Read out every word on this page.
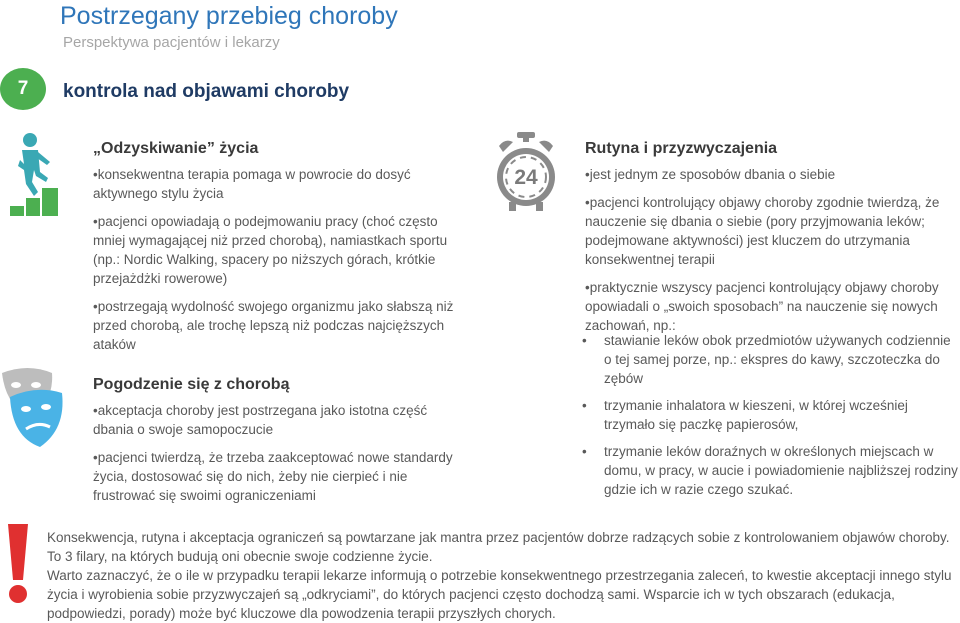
Postrzegany przebieg choroby
Perspektywa pacjentów i lekarzy
7	kontrola nad objawami choroby
„Odzyskiwanie” życia

•konsekwentna terapia pomaga w powrocie do dosyć aktywnego stylu życia

•pacjenci opowiadają o podejmowaniu pracy (choć często mniej wymagającej niż przed chorobą), namiastkach sportu (np.: Nordic Walking, spacery po niższych górach, krótkie przejażdżki rowerowe)

•postrzegają wydolność swojego organizmu jako słabszą niż przed chorobą, ale trochę lepszą niż podczas najcięższych ataków

Pogodzenie się z chorobą

•akceptacja choroby jest postrzegana jako istotna część dbania o swoje samopoczucie

•pacjenci twierdzą, że trzeba zaakceptować nowe standardy życia, dostosować się do nich, żeby nie cierpieć i nie frustrować się swoimi ograniczeniami

24
Rutyna i przyzwyczajenia

•jest jednym ze sposobów dbania o siebie

•pacjenci kontrolujący objawy choroby zgodnie twierdzą, że nauczenie się dbania o siebie (pory przyjmowania leków; podejmowane aktywności) jest kluczem do utrzymania konsekwentnej terapii

•praktycznie wszyscy pacjenci kontrolujący objawy choroby opowiadali o „swoich sposobach” na nauczenie się nowych zachowań, np.:

• stawianie leków obok przedmiotów używanych codziennie o tej samej porze, np.: ekspres do kawy, szczoteczka do zębów
• trzymanie inhalatora w kieszeni, w której wcześniej trzymało się paczkę papierosów,
• trzymanie leków doraźnych w określonych miejscach w domu, w pracy, w aucie i powiadomienie najbliższej rodziny gdzie ich w razie czego szukać.

Konsekwencja, rutyna i akceptacja ograniczeń są powtarzane jak mantra przez pacjentów dobrze radzących sobie z kontrolowaniem objawów choroby. To 3 filary, na których budują oni obecnie swoje codzienne życie.

Warto zaznaczyć, że o ile w przypadku terapii lekarze informują o potrzebie konsekwentnego przestrzegania zaleceń, to kwestie akceptacji innego stylu życia i wyrobienia sobie przyzwyczajeń są „odkryciami”, do których pacjenci często dochodzą sami. Wsparcie ich w tych obszarach (edukacja, podpowiedzi, porady) może być kluczowe dla powodzenia terapii przyszłych chorych.
